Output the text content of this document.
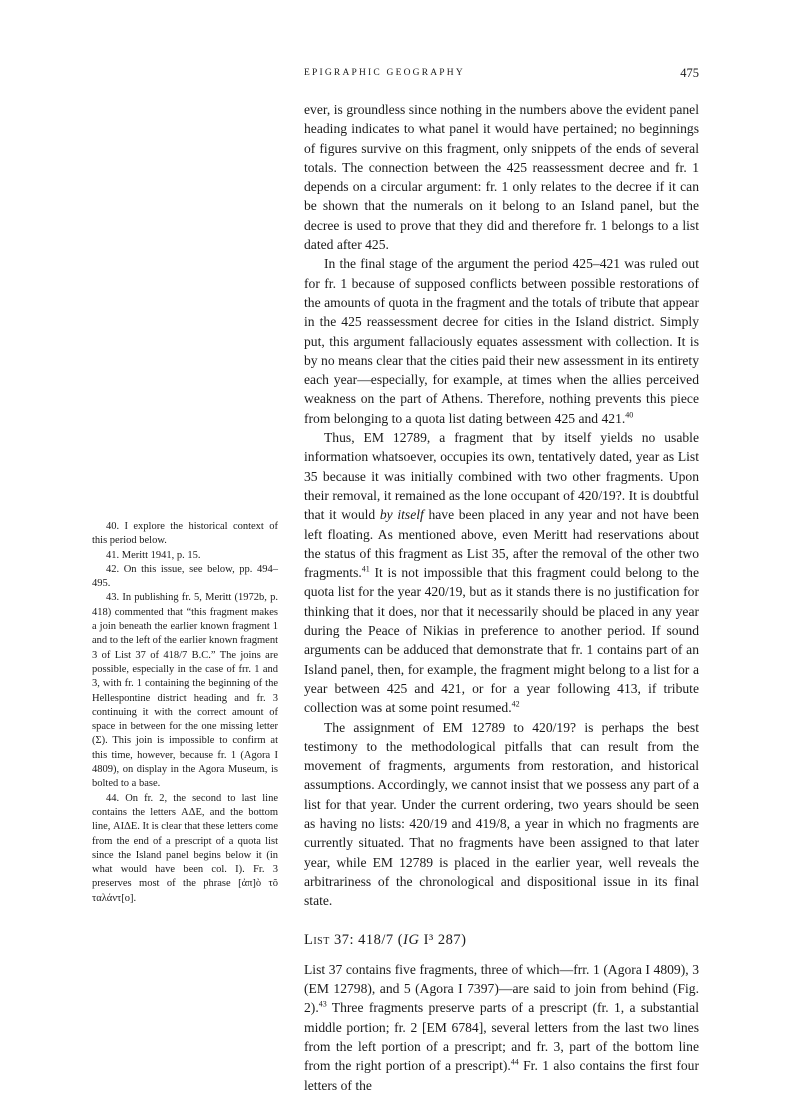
EPIGRAPHIC GEOGRAPHY	475

ever, is groundless since nothing in the numbers above the evident panel heading indicates to what panel it would have pertained; no beginnings of figures survive on this fragment, only snippets of the ends of several totals. The connection between the 425 reassessment decree and fr. 1 depends on a circular argument: fr. 1 only relates to the decree if it can be shown that the numerals on it belong to an Island panel, but the decree is used to prove that they did and therefore fr. 1 belongs to a list dated after 425.

In the final stage of the argument the period 425–421 was ruled out for fr. 1 because of supposed conflicts between possible restorations of the amounts of quota in the fragment and the totals of tribute that appear in the 425 reassessment decree for cities in the Island district. Simply put, this argument fallaciously equates assessment with collection. It is by no means clear that the cities paid their new assessment in its entirety each year—especially, for example, at times when the allies perceived weakness on the part of Athens. Therefore, nothing prevents this piece from belonging to a quota list dating between 425 and 421.40

Thus, EM 12789, a fragment that by itself yields no usable information whatsoever, occupies its own, tentatively dated, year as List 35 because it was initially combined with two other fragments. Upon their removal, it remained as the lone occupant of 420/19?. It is doubtful that it would by itself have been placed in any year and not have been left floating. As mentioned above, even Meritt had reservations about the status of this fragment as List 35, after the removal of the other two fragments.$^{41}$ It is not impossible that this fragment could belong to the quota list for the year 420/19, but as it stands there is no justification for thinking that it does, nor that it necessarily should be placed in any year during the Peace of Nikias in preference to another period. If sound arguments can be adduced that demonstrate that fr. 1 contains part of an Island panel, then, for example, the fragment might belong to a list for a year between 425 and 421, or for a year following 413, if tribute collection was at some point resumed.$^{42}$

The assignment of EM 12789 to 420/19? is perhaps the best testimony to the methodological pitfalls that can result from the movement of fragments, arguments from restoration, and historical assumptions. Accordingly, we cannot insist that we possess any part of a list for that year. Under the current ordering, two years should be seen as having no lists: 420/19 and 419/8, a year in which no fragments are currently situated. That no fragments have been assigned to that later year, while EM 12789 is placed in the earlier year, well reveals the arbitrariness of the chronological and dispositional issue in its final state.

List 37: 418/7 (IG I³ 287)

List 37 contains five fragments, three of which—frr. 1 (Agora I 4809), 3 (EM 12798), and 5 (Agora I 7397)—are said to join from behind (Fig. 2).$^{43}$ Three fragments preserve parts of a prescript (fr. 1, a substantial middle portion; fr. 2 [EM 6784], several letters from the last two lines from the left portion of a prescript; and fr. 3, part of the bottom line from the right portion of a prescript).$^{44}$ Fr. 1 also contains the first four letters of the

40. I explore the historical context of this period below.

41. Meritt 1941, p. 15.

42. On this issue, see below, pp. 494–495.

43. In publishing fr. 5, Meritt (1972b, p. 418) commented that “this fragment makes a join beneath the earlier known fragment 1 and to the left of the earlier known fragment 3 of List 37 of 418/7 B.C.” The joins are possible, especially in the case of frr. 1 and 3, with fr. 1 containing the beginning of the Hellespontine district heading and fr. 3 continuing it with the correct amount of space in between for the one missing letter (Σ). This join is impossible to confirm at this time, however, because fr. 1 (Agora I 4809), on display in the Agora Museum, is bolted to a base.

44. On fr. 2, the second to last line contains the letters ΑΔΕ, and the bottom line, ΑΙΔΕ. It is clear that these letters come from the end of a prescript of a quota list since the Island panel begins below it (in what would have been col. I). Fr. 3 preserves most of the phrase [ἀπ]ὸ τõ ταλάντ[ο].
